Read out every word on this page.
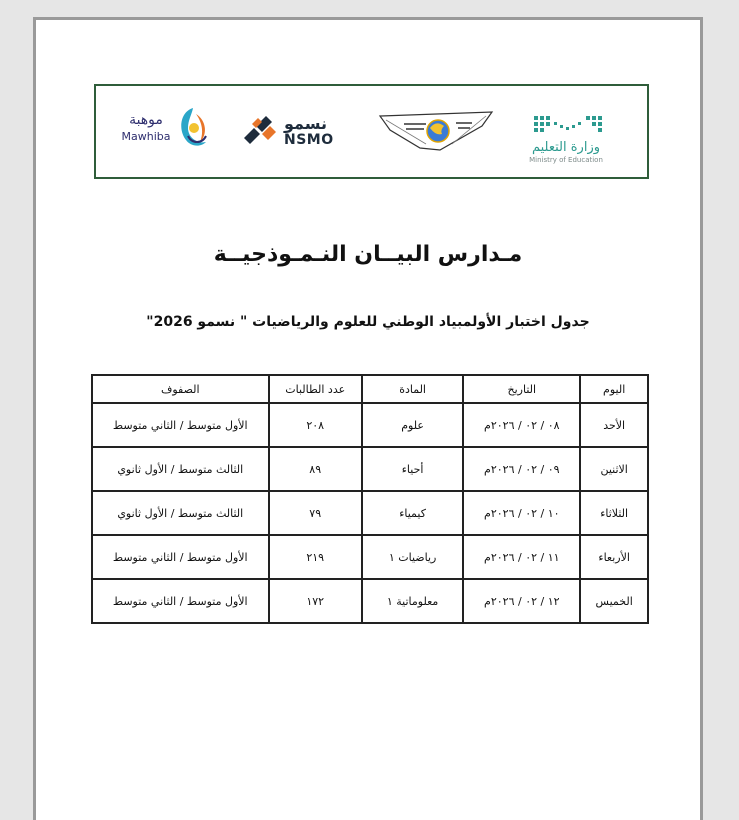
وزارة التعليم
Ministry of Education
نسمو
NSMO
موهبة
Mawhiba
مـدارس البيــان النـمـوذجيــة
جدول اختبار الأولمبياد الوطني للعلوم والرياضيات " نسمو 2026"
اليوم	التاريخ	المادة	عدد الطالبات	الصفوف
الأحد	٠٨ / ٠٢ / ٢٠٢٦م	علوم	٢٠٨	الأول متوسط / الثاني متوسط
الاثنين	٠٩ / ٠٢ / ٢٠٢٦م	أحياء	٨٩	الثالث متوسط / الأول ثانوي
الثلاثاء	١٠ / ٠٢ / ٢٠٢٦م	كيمياء	٧٩	الثالث متوسط / الأول ثانوي
الأربعاء	١١ / ٠٢ / ٢٠٢٦م	رياضيات ١	٢١٩	الأول متوسط / الثاني متوسط
الخميس	١٢ / ٠٢ / ٢٠٢٦م	معلوماتية ١	١٧٢	الأول متوسط / الثاني متوسط
